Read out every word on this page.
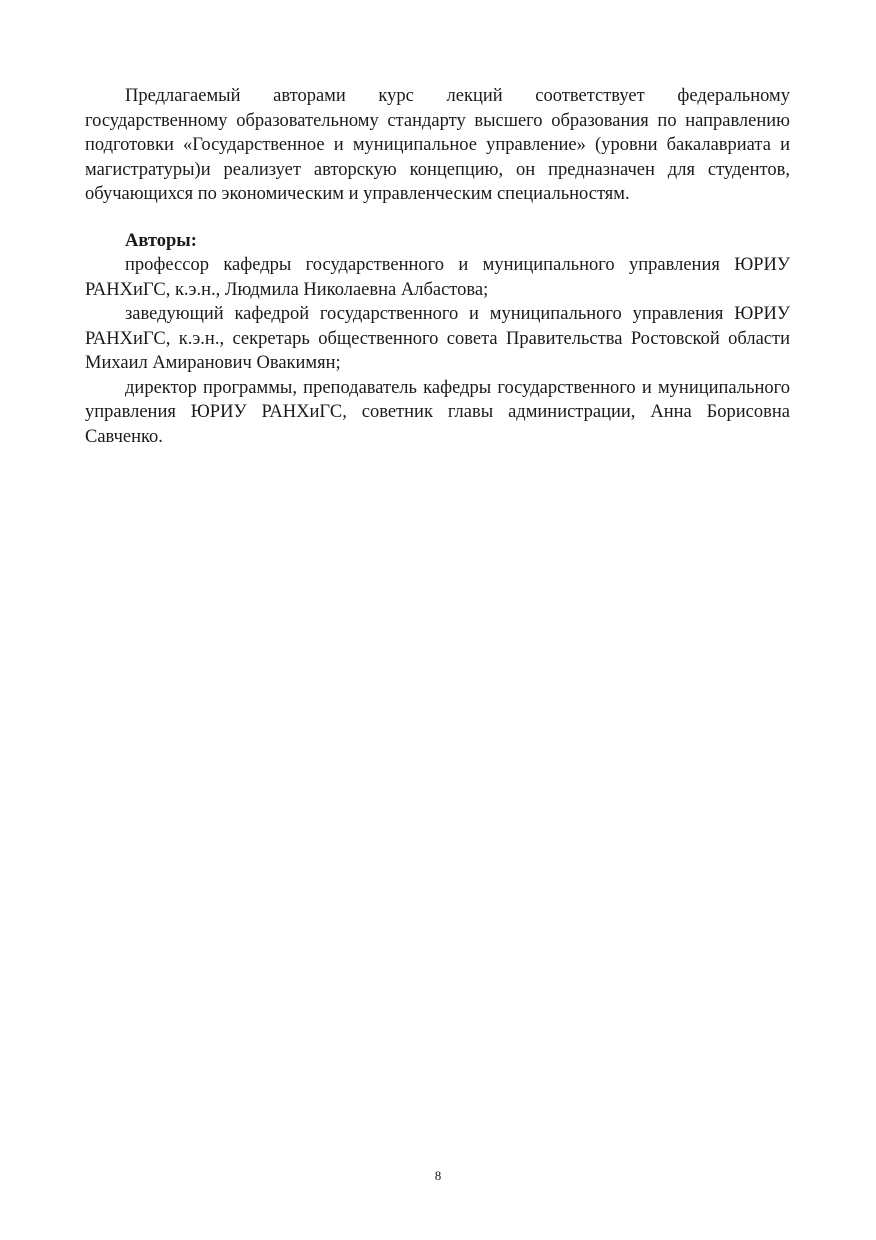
Предлагаемый авторами курс лекций соответствует федеральному государственному образовательному стандарту высшего образования по направлению подготовки «Государственное и муниципальное управление» (уровни бакалавриата и магистратуры)и реализует авторскую концепцию, он предназначен для студентов, обучающихся по экономическим и управленческим специальностям.

Авторы:

профессор кафедры государственного и муниципального управления ЮРИУ РАНХиГС, к.э.н., Людмила Николаевна Албастова;

заведующий кафедрой государственного и муниципального управления ЮРИУ РАНХиГС, к.э.н., секретарь общественного совета Правительства Ростовской области Михаил Амиранович Овакимян;

директор программы, преподаватель кафедры государственного и муниципального управления ЮРИУ РАНХиГС, советник главы администрации, Анна Борисовна Савченко.

8
